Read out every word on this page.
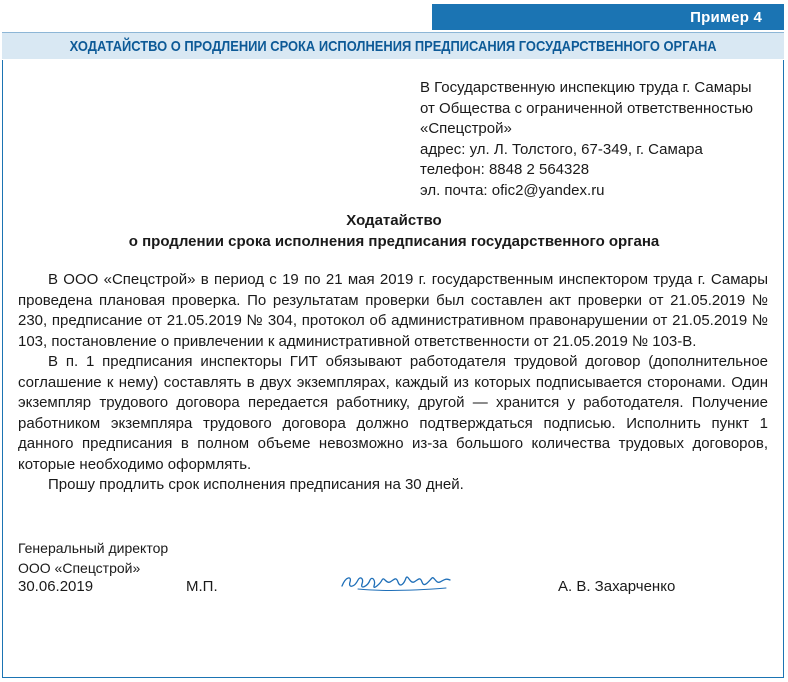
Пример 4
ХОДАТАЙСТВО О ПРОДЛЕНИИ СРОКА ИСПОЛНЕНИЯ ПРЕДПИСАНИЯ ГОСУДАРСТВЕННОГО ОРГАНА
В Государственную инспекцию труда г. Самары
от Общества с ограниченной ответственностью
«Спецстрой»
адрес: ул. Л. Толстого, 67-349, г. Самара
телефон: 8848 2 564328
эл. почта: ofic2@yandex.ru
Ходатайство
о продлении срока исполнения предписания государственного органа

В ООО «Спецстрой» в период с 19 по 21 мая 2019 г. государственным инспектором труда г. Самары проведена плановая проверка. По результатам проверки был составлен акт проверки от 21.05.2019 № 230, предписание от 21.05.2019 № 304, протокол об административном правонарушении от 21.05.2019 № 103, постановление о привлечении к административной ответственности от 21.05.2019 № 103-В.

В п. 1 предписания инспекторы ГИТ обязывают работодателя трудовой договор (дополнительное соглашение к нему) составлять в двух экземплярах, каждый из которых подписывается сторонами. Один экземпляр трудового договора передается работнику, другой — хранится у работодателя. Получение работником экземпляра трудового договора должно подтверждаться подписью. Исполнить пункт 1 данного предписания в полном объеме невозможно из-за большого количества трудовых договоров, которые необходимо оформлять.

Прошу продлить срок исполнения предписания на 30 дней.

Генеральный директор
ООО «Спецстрой»
30.06.2019	М.П.	А. В. Захарченко
